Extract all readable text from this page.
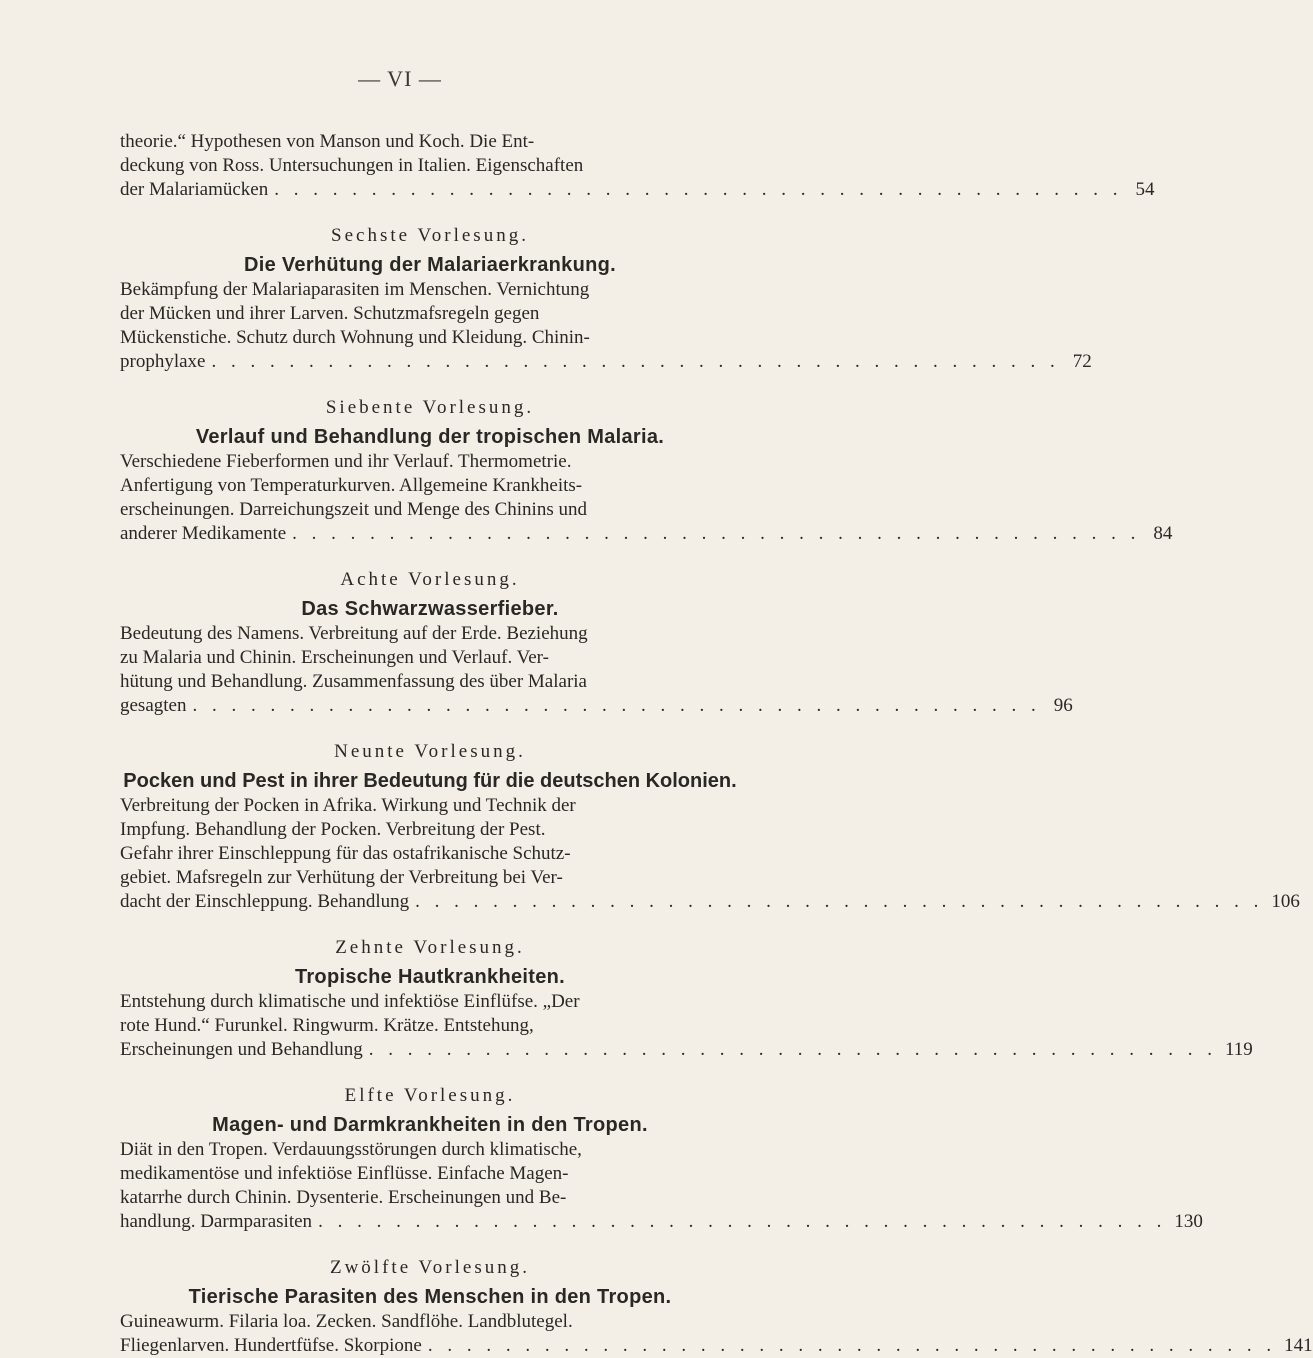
— VI —

theorie.“ Hypothesen von Manson und Koch. Die Ent-

deckung von Ross. Untersuchungen in Italien. Eigenschaften

der Malariamücken . . . . . . . . . . . . . . . . . . . . . . . . . . . . . . . . . . . . . . . . . . . . 54
Sechste Vorlesung.
Die Verhütung der Malariaerkrankung.

Bekämpfung der Malariaparasiten im Menschen. Vernichtung

der Mücken und ihrer Larven. Schutzmafsregeln gegen

Mückenstiche. Schutz durch Wohnung und Kleidung. Chinin-

prophylaxe . . . . . . . . . . . . . . . . . . . . . . . . . . . . . . . . . . . . . . . . . . . . 72
Siebente Vorlesung.
Verlauf und Behandlung der tropischen Malaria.

Verschiedene Fieberformen und ihr Verlauf. Thermometrie.

Anfertigung von Temperaturkurven. Allgemeine Krankheits-

erscheinungen. Darreichungszeit und Menge des Chinins und

anderer Medikamente . . . . . . . . . . . . . . . . . . . . . . . . . . . . . . . . . . . . . . . . . . . . 84
Achte Vorlesung.
Das Schwarzwasserfieber.

Bedeutung des Namens. Verbreitung auf der Erde. Beziehung

zu Malaria und Chinin. Erscheinungen und Verlauf. Ver-

hütung und Behandlung. Zusammenfassung des über Malaria

gesagten . . . . . . . . . . . . . . . . . . . . . . . . . . . . . . . . . . . . . . . . . . . . 96
Neunte Vorlesung.
Pocken und Pest in ihrer Bedeutung für die deutschen Kolonien.

Verbreitung der Pocken in Afrika. Wirkung und Technik der

Impfung. Behandlung der Pocken. Verbreitung der Pest.

Gefahr ihrer Einschleppung für das ostafrikanische Schutz-

gebiet. Mafsregeln zur Verhütung der Verbreitung bei Ver-

dacht der Einschleppung. Behandlung . . . . . . . . . . . . . . . . . . . . . . . . . . . . . . . . . . . . . . . . . . . . 106
Zehnte Vorlesung.
Tropische Hautkrankheiten.

Entstehung durch klimatische und infektiöse Einflüfse. „Der

rote Hund.“ Furunkel. Ringwurm. Krätze. Entstehung,

Erscheinungen und Behandlung . . . . . . . . . . . . . . . . . . . . . . . . . . . . . . . . . . . . . . . . . . . . 119
Elfte Vorlesung.
Magen- und Darmkrankheiten in den Tropen.

Diät in den Tropen. Verdauungsstörungen durch klimatische,

medikamentöse und infektiöse Einflüsse. Einfache Magen-

katarrhe durch Chinin. Dysenterie. Erscheinungen und Be-

handlung. Darmparasiten . . . . . . . . . . . . . . . . . . . . . . . . . . . . . . . . . . . . . . . . . . . . 130
Zwölfte Vorlesung.
Tierische Parasiten des Menschen in den Tropen.

Guineawurm. Filaria loa. Zecken. Sandflöhe. Landblutegel.

Fliegenlarven. Hundertfüfse. Skorpione . . . . . . . . . . . . . . . . . . . . . . . . . . . . . . . . . . . . . . . . . . . . 141
